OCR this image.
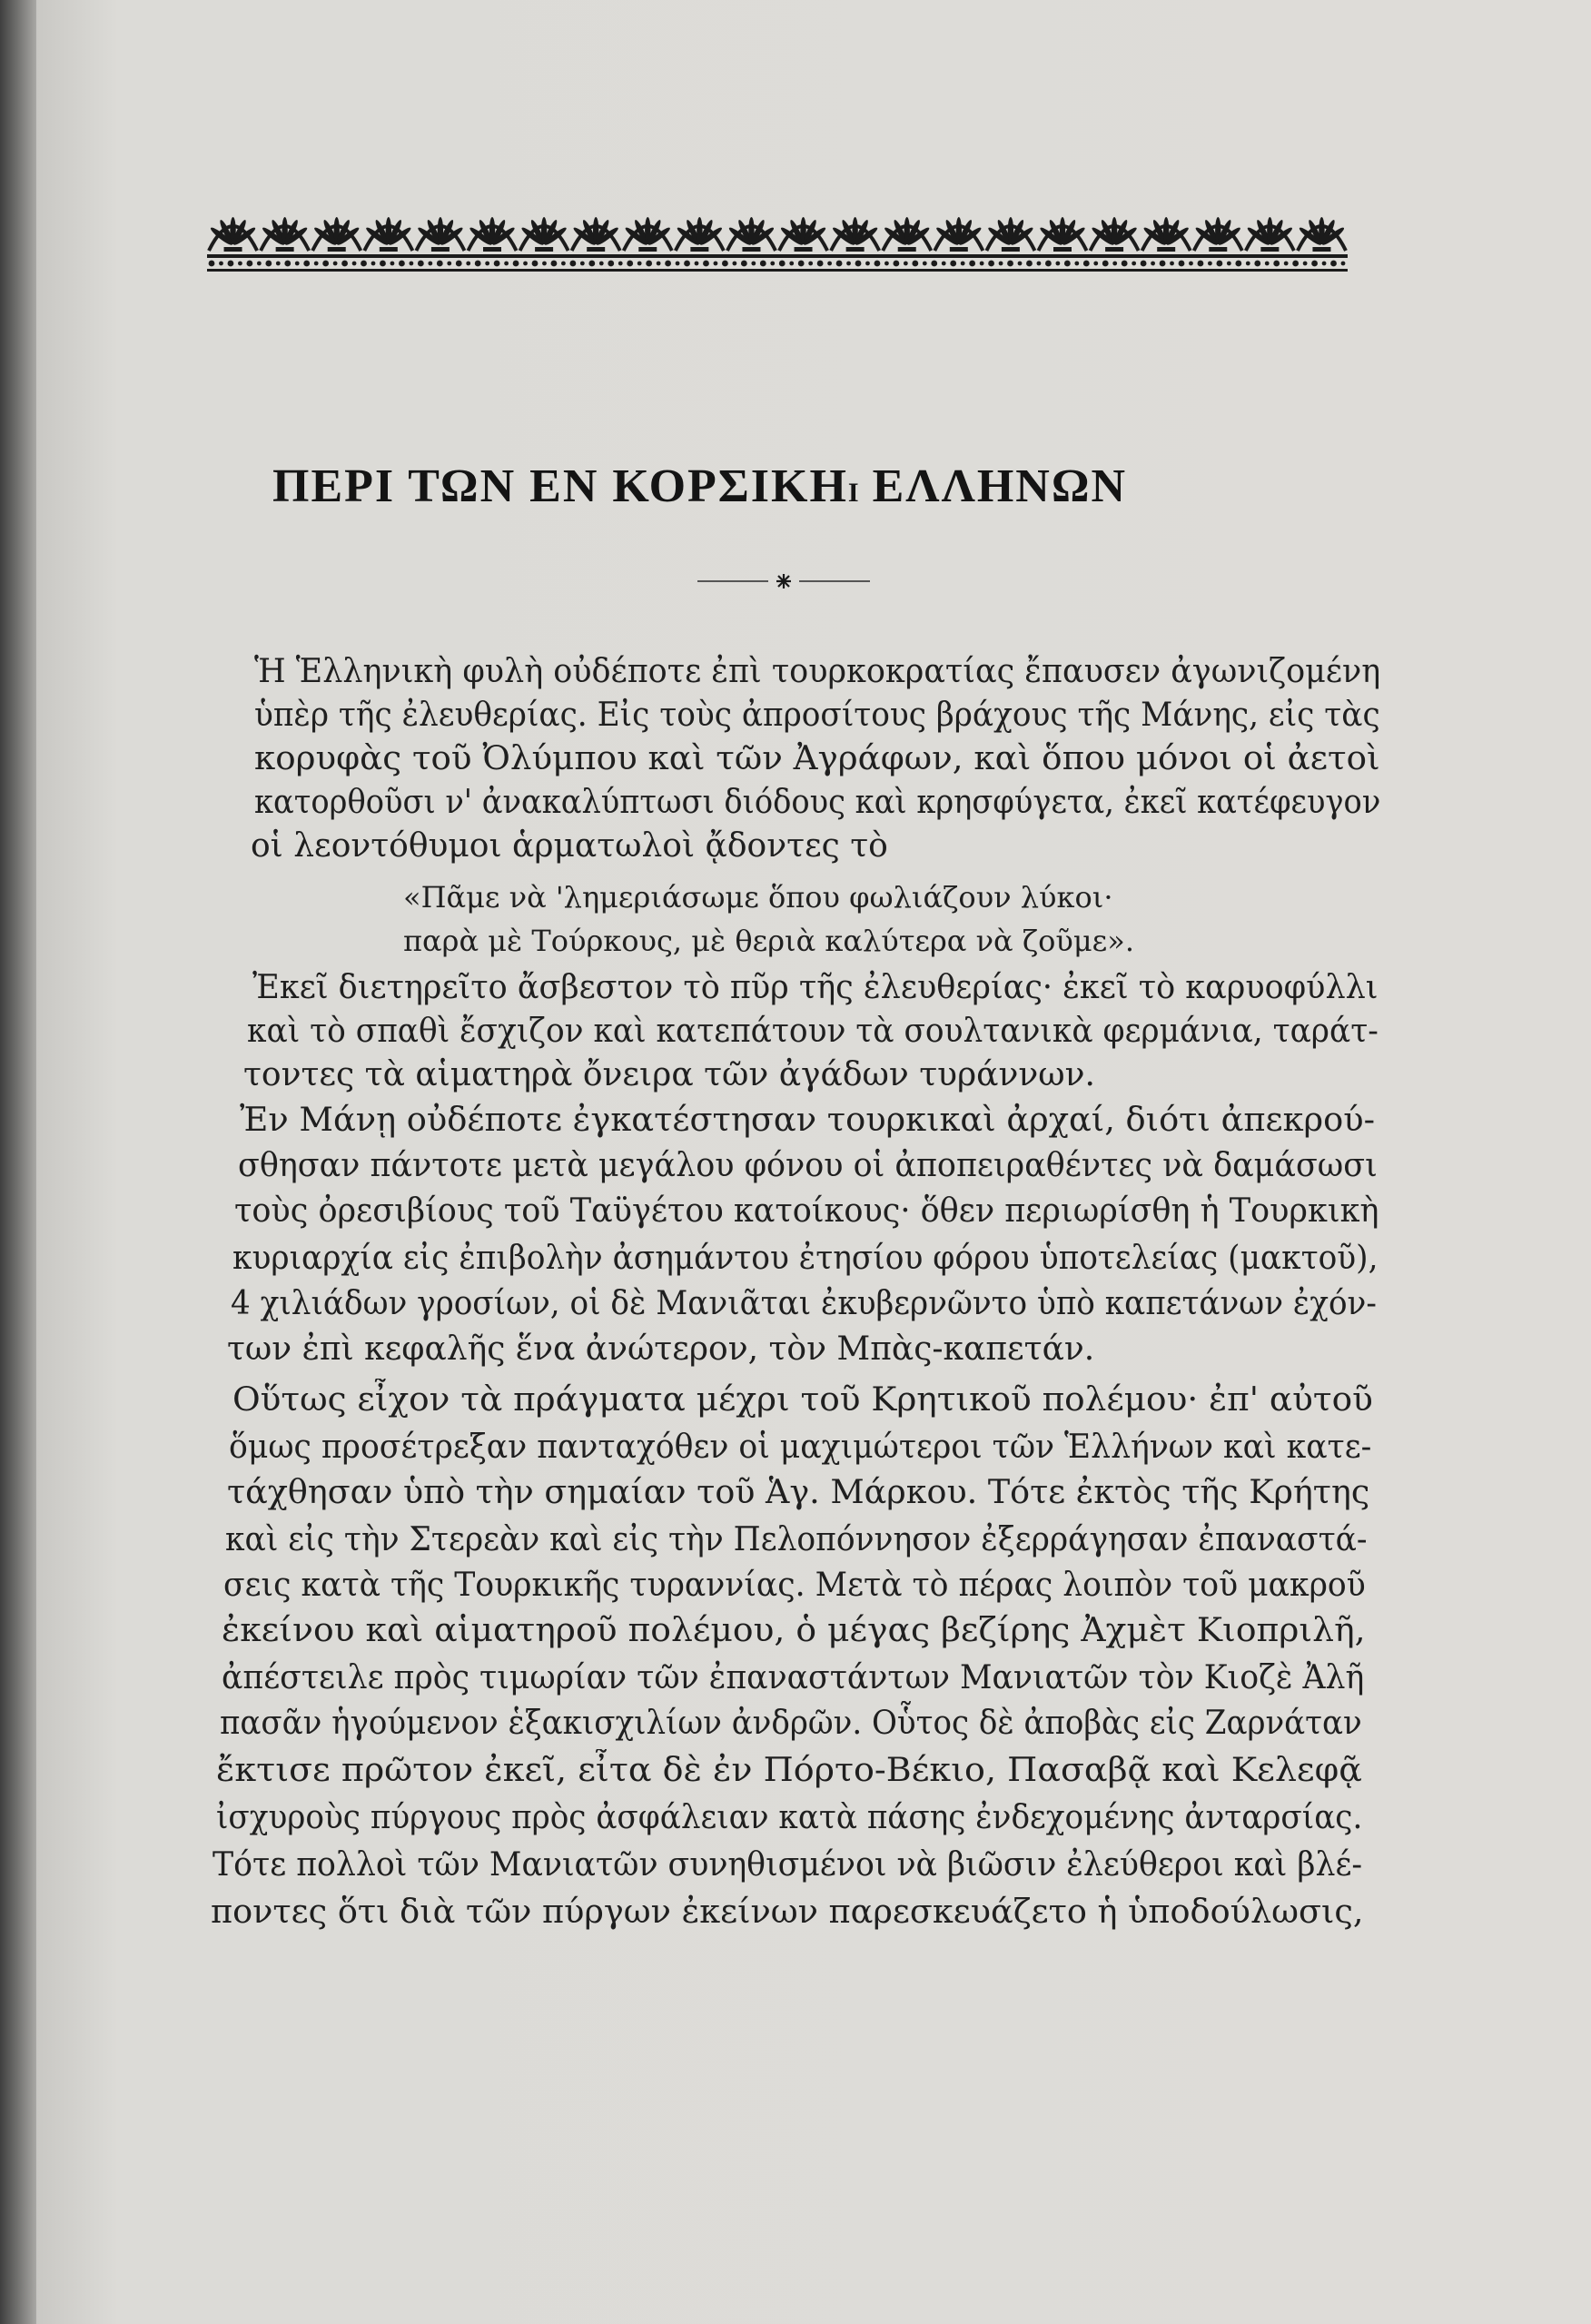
ΠΕΡΙ ΤΩΝ ΕΝ ΚΟΡΣΙΚΗΙ ΕΛΛΗΝΩΝ

Ἡ Ἑλληνικὴ φυλὴ οὐδέποτε ἐπὶ τουρκοκρατίας ἔπαυσεν ἀγωνιζομένη

ὑπὲρ τῆς ἐλευθερίας. Εἰς τοὺς ἀπροσίτους βράχους τῆς Μάνης, εἰς τὰς

κορυφὰς τοῦ Ὀλύμπου καὶ τῶν Ἀγράφων, καὶ ὅπου μόνοι οἱ ἀετοὶ

κατορθοῦσι ν' ἀνακαλύπτωσι διόδους καὶ κρησφύγετα, ἐκεῖ κατέφευγον

οἱ λεοντόθυμοι ἁρματωλοὶ ᾄδοντες τὸ

«Πᾶμε νὰ 'λημεριάσωμε ὅπου φωλιάζουν λύκοι·

παρὰ μὲ Τούρκους, μὲ θεριὰ καλύτερα νὰ ζοῦμε».

Ἐκεῖ διετηρεῖτο ἄσβεστον τὸ πῦρ τῆς ἐλευθερίας· ἐκεῖ τὸ καρυοφύλλι

καὶ τὸ σπαθὶ ἔσχιζον καὶ κατεπάτουν τὰ σουλτανικὰ φερμάνια, ταράτ-

τοντες τὰ αἱματηρὰ ὄνειρα τῶν ἀγάδων τυράννων.

Ἐν Μάνῃ οὐδέποτε ἐγκατέστησαν τουρκικαὶ ἀρχαί, διότι ἀπεκρού-

σθησαν πάντοτε μετὰ μεγάλου φόνου οἱ ἀποπειραθέντες νὰ δαμάσωσι

τοὺς ὀρεσιβίους τοῦ Ταϋγέτου κατοίκους· ὅθεν περιωρίσθη ἡ Τουρκικὴ

κυριαρχία εἰς ἐπιβολὴν ἀσημάντου ἐτησίου φόρου ὑποτελείας (μακτοῦ),

4 χιλιάδων γροσίων, οἱ δὲ Μανιᾶται ἐκυβερνῶντο ὑπὸ καπετάνων ἐχόν-

των ἐπὶ κεφαλῆς ἕνα ἀνώτερον, τὸν Μπὰς-καπετάν.

Οὕτως εἶχον τὰ πράγματα μέχρι τοῦ Κρητικοῦ πολέμου· ἐπ' αὐτοῦ

ὅμως προσέτρεξαν πανταχόθεν οἱ μαχιμώτεροι τῶν Ἑλλήνων καὶ κατε-

τάχθησαν ὑπὸ τὴν σημαίαν τοῦ Ἁγ. Μάρκου. Τότε ἐκτὸς τῆς Κρήτης

καὶ εἰς τὴν Στερεὰν καὶ εἰς τὴν Πελοπόννησον ἐξερράγησαν ἐπαναστά-

σεις κατὰ τῆς Τουρκικῆς τυραννίας. Μετὰ τὸ πέρας λοιπὸν τοῦ μακροῦ

ἐκείνου καὶ αἱματηροῦ πολέμου, ὁ μέγας βεζίρης Ἀχμὲτ Κιοπριλῆ,

ἀπέστειλε πρὸς τιμωρίαν τῶν ἐπαναστάντων Μανιατῶν τὸν Κιοζὲ Ἀλῆ

πασᾶν ἡγούμενον ἑξακισχιλίων ἀνδρῶν. Οὗτος δὲ ἀποβὰς εἰς Ζαρνάταν

ἔκτισε πρῶτον ἐκεῖ, εἶτα δὲ ἐν Πόρτο-Βέκιο, Πασαβᾷ καὶ Κελεφᾷ

ἰσχυροὺς πύργους πρὸς ἀσφάλειαν κατὰ πάσης ἐνδεχομένης ἀνταρσίας.

Τότε πολλοὶ τῶν Μανιατῶν συνηθισμένοι νὰ βιῶσιν ἐλεύθεροι καὶ βλέ-

ποντες ὅτι διὰ τῶν πύργων ἐκείνων παρεσκευάζετο ἡ ὑποδούλωσις,
